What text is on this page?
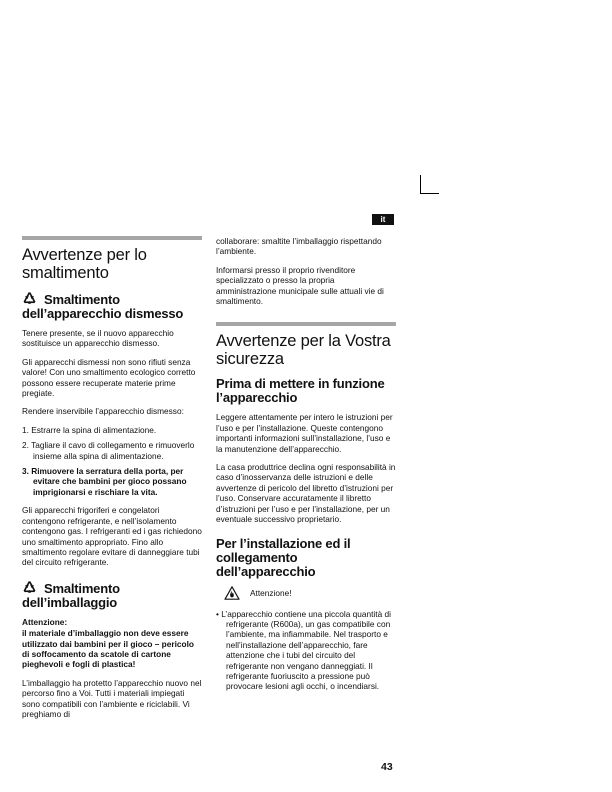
it
Avvertenze per lo smaltimento
Smaltimento
dell’apparecchio dismesso

Tenere presente, se il nuovo apparecchio sostituisce un apparecchio dismesso.

Gli apparecchi dismessi non sono rifiuti senza valore! Con uno smaltimento ecologico corretto possono essere recuperate materie prime pregiate.

Rendere inservibile l’apparecchio dismesso:

1. Estrarre la spina di alimentazione.
2. Tagliare il cavo di collegamento e rimuoverlo insieme alla spina di alimentazione.
3. Rimuovere la serratura della porta, per evitare che bambini per gioco possano imprigionarsi e rischiare la vita.

Gli apparecchi frigoriferi e congelatori contengono refrigerante, e nell’isolamento contengono gas. I refrigeranti ed i gas richiedono uno smaltimento appropriato. Fino allo smaltimento regolare evitare di danneggiare tubi del circuito refrigerante.

Smaltimento
dell’imballaggio

Attenzione:

il materiale d’imballaggio non deve essere utilizzato dai bambini per il gioco – pericolo di soffocamento da scatole di cartone pieghevoli e fogli di plastica!

L’imballaggio ha protetto l’apparecchio nuovo nel percorso fino a Voi. Tutti i materiali impiegati sono compatibili con l’ambiente e riciclabili. Vi preghiamo di

collaborare: smaltite l’imballaggio rispettando l’ambiente.

Informarsi presso il proprio rivenditore specializzato o presso la propria amministrazione municipale sulle attuali vie di smaltimento.

Avvertenze per la Vostra sicurezza
Prima di mettere in funzione l’apparecchio

Leggere attentamente per intero le istruzioni per l’uso e per l’installazione. Queste contengono importanti informazioni sull’installazione, l’uso e la manutenzione dell’apparecchio.

La casa produttrice declina ogni responsabilità in caso d’inosservanza delle istruzioni e delle avvertenze di pericolo del libretto d’istruzioni per l’uso. Conservare accuratamente il libretto d’istruzioni per l’uso e per l’installazione, per un eventuale successivo proprietario.

Per l’installazione ed il collegamento dell’apparecchio
Attenzione!
• L’apparecchio contiene una piccola quantità di refrigerante (R600a), un gas compatibile con l’ambiente, ma infiammabile. Nel trasporto e nell’installazione dell’apparecchio, fare attenzione che i tubi del circuito del refrigerante non vengano danneggiati. Il refrigerante fuoriuscito a pressione può provocare lesioni agli occhi, o incendiarsi.
43
